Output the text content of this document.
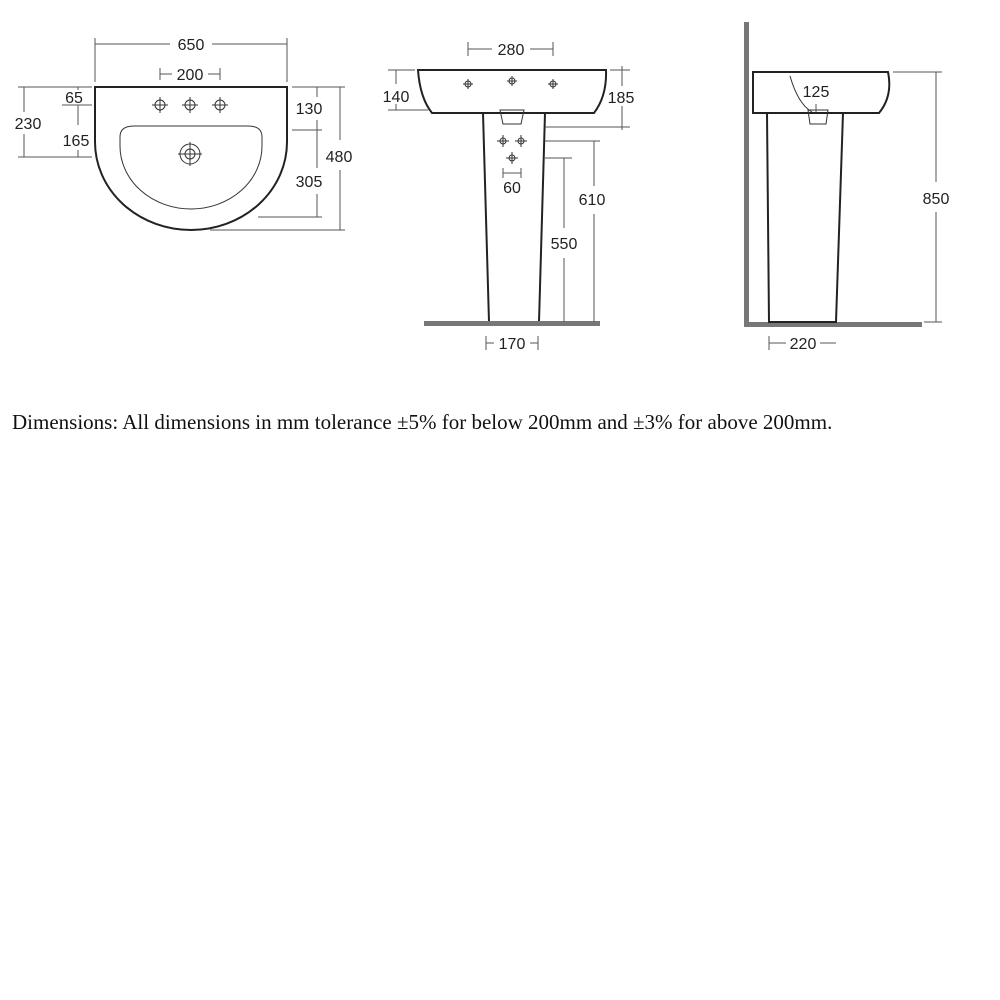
650
200
230
65
165
130
305
480
280
140	185
60
610
550
170
125
850
220
Dimensions: All dimensions in mm tolerance ±5% for below 200mm and ±3% for above 200mm.
